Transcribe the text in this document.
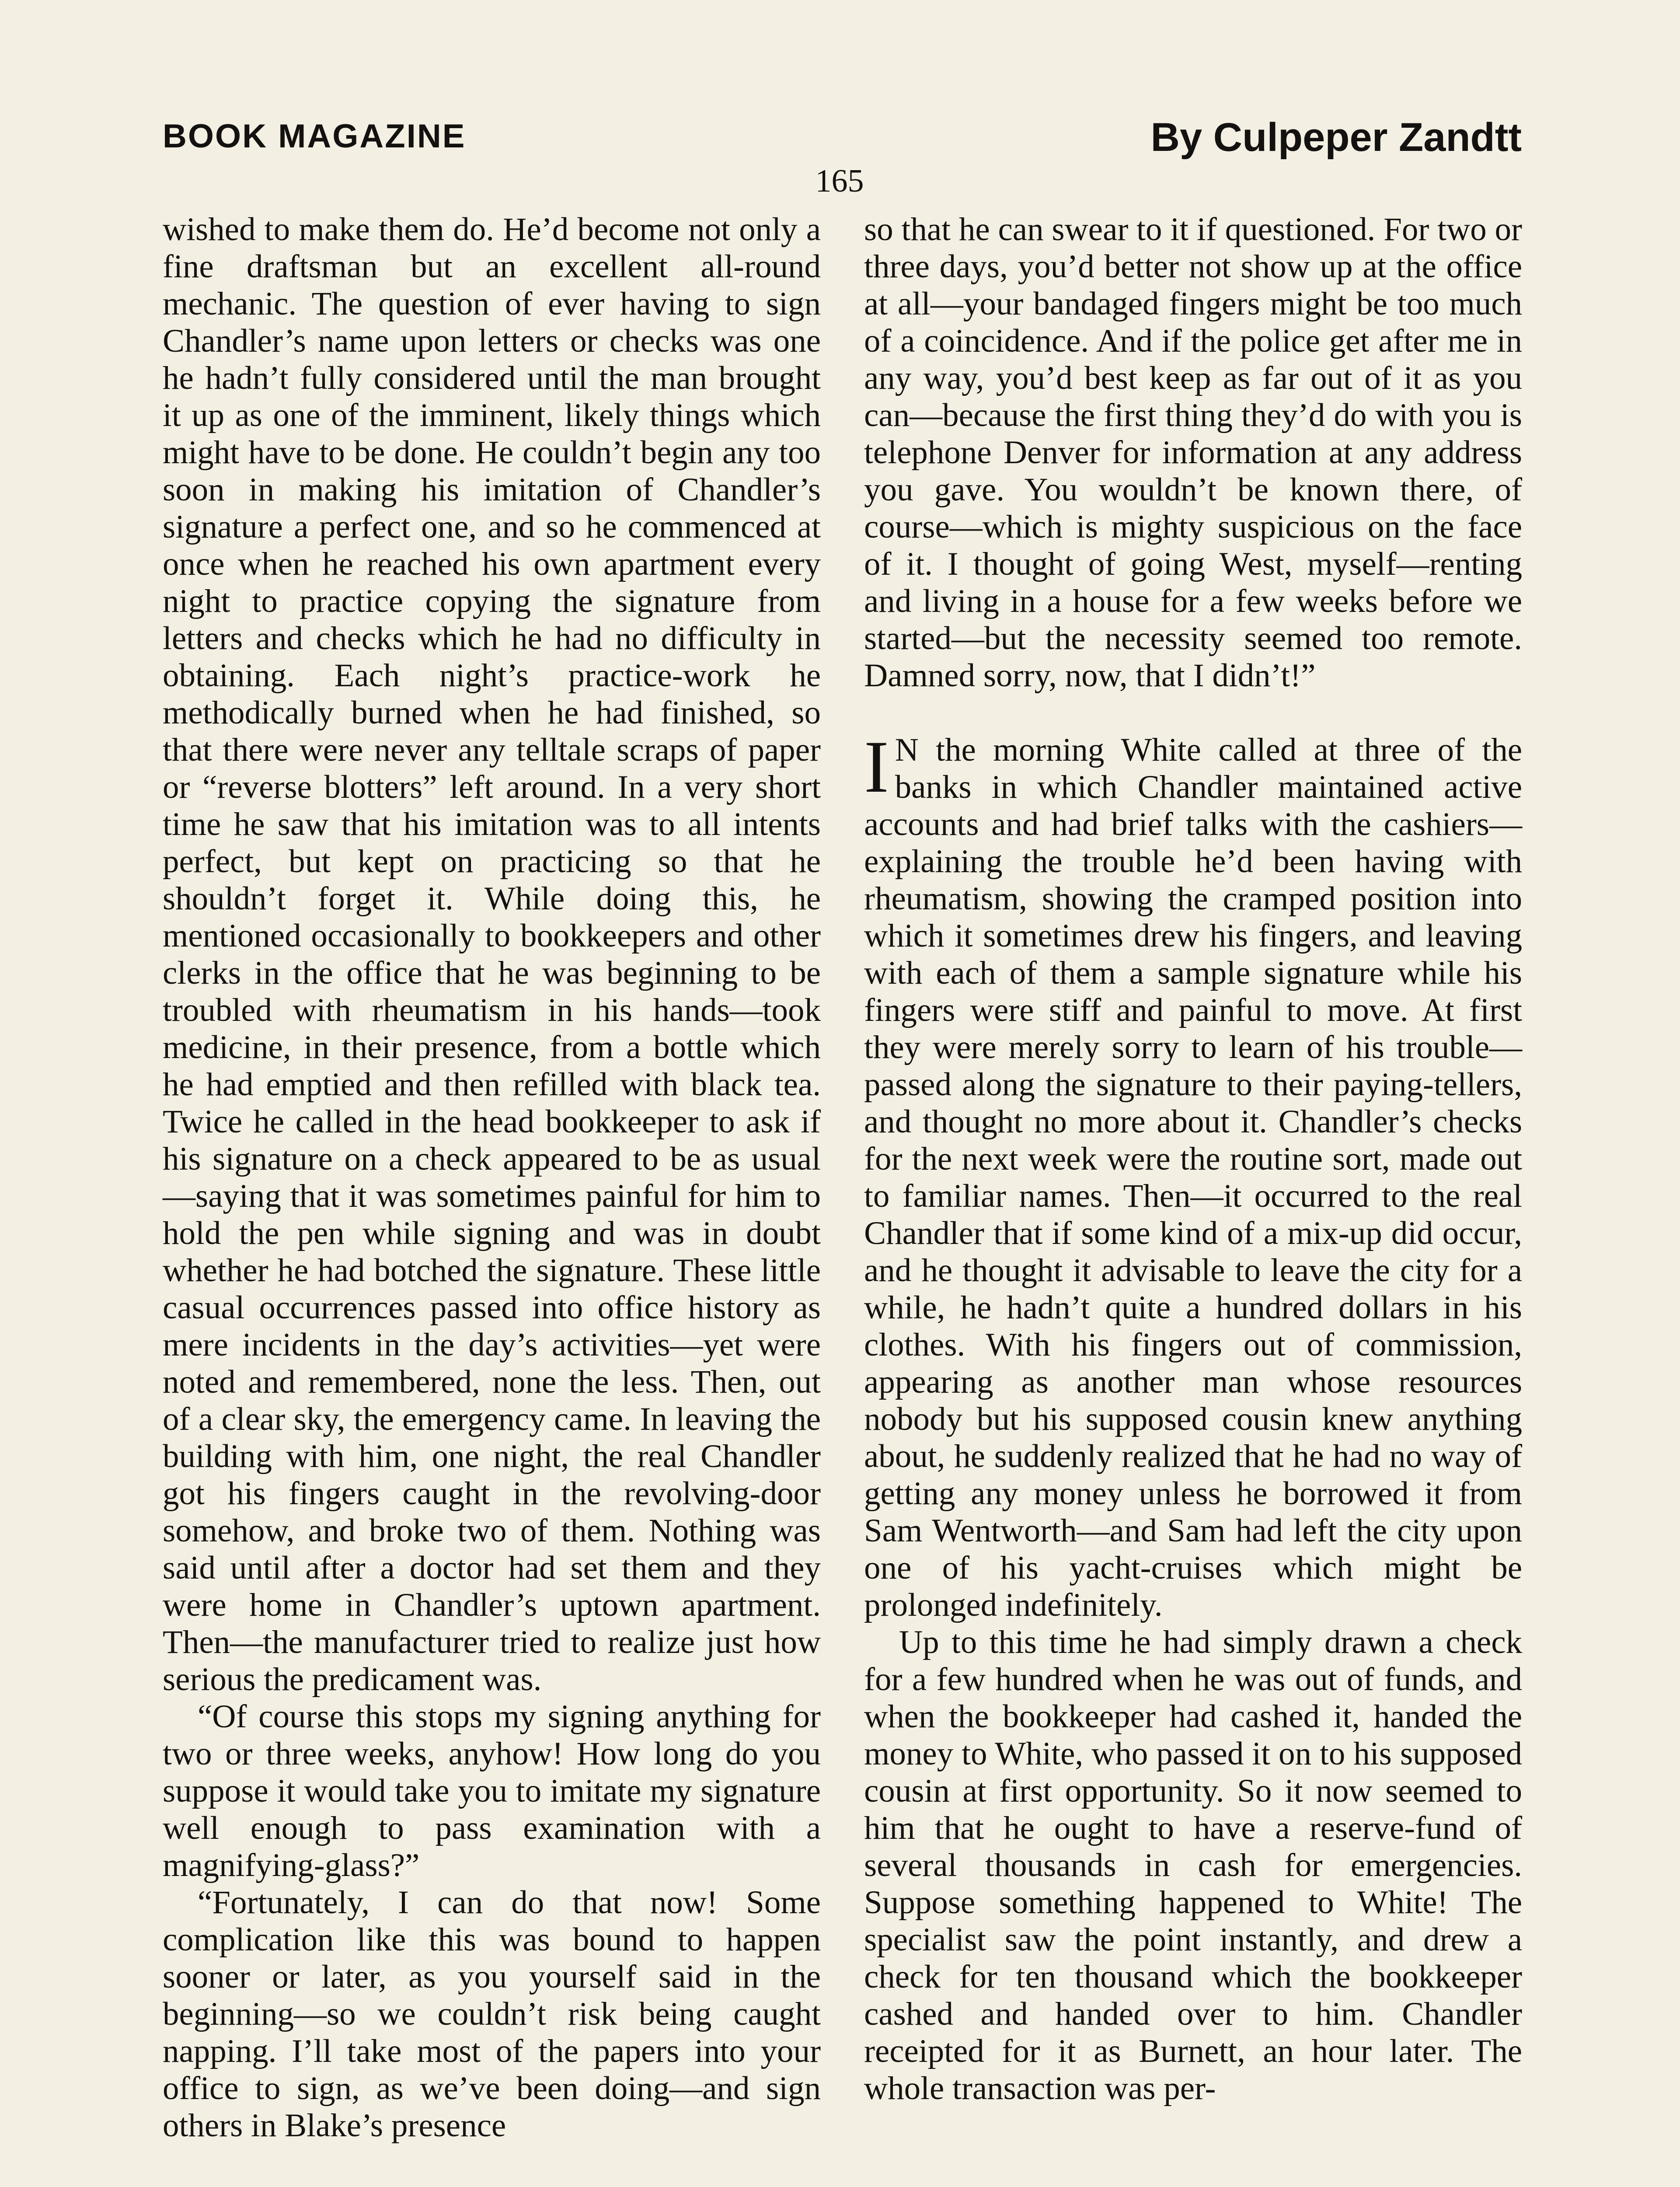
BOOK MAGAZINE	By Culpeper Zandtt
165

wished to make them do. He’d become not only a fine draftsman but an excellent all-round mechanic. The question of ever having to sign Chandler’s name upon letters or checks was one he hadn’t fully considered until the man brought it up as one of the imminent, likely things which might have to be done. He couldn’t begin any too soon in making his imitation of Chandler’s signature a perfect one, and so he commenced at once when he reached his own apartment every night to practice copying the signature from letters and checks which he had no difficulty in obtaining. Each night’s practice-work he methodically burned when he had finished, so that there were never any telltale scraps of paper or “reverse blotters” left around. In a very short time he saw that his imitation was to all intents perfect, but kept on practicing so that he shouldn’t forget it. While doing this, he mentioned occasionally to bookkeepers and other clerks in the office that he was beginning to be troubled with rheumatism in his hands—took medicine, in their presence, from a bottle which he had emptied and then refilled with black tea. Twice he called in the head bookkeeper to ask if his signature on a check appeared to be as usual—saying that it was sometimes painful for him to hold the pen while signing and was in doubt whether he had botched the signature. These little casual occurrences passed into office history as mere incidents in the day’s activities—yet were noted and remembered, none the less. Then, out of a clear sky, the emergency came. In leaving the building with him, one night, the real Chandler got his fingers caught in the revolving-door somehow, and broke two of them. Nothing was said until after a doctor had set them and they were home in Chandler’s uptown apartment. Then—the manufacturer tried to realize just how serious the predicament was.

“Of course this stops my signing anything for two or three weeks, anyhow! How long do you suppose it would take you to imitate my signature well enough to pass examination with a magnifying-glass?”

“Fortunately, I can do that now! Some complication like this was bound to happen sooner or later, as you yourself said in the beginning—so we couldn’t risk being caught napping. I’ll take most of the papers into your office to sign, as we’ve been doing—and sign others in Blake’s presence

so that he can swear to it if questioned. For two or three days, you’d better not show up at the office at all—your bandaged fingers might be too much of a coincidence. And if the police get after me in any way, you’d best keep as far out of it as you can—because the first thing they’d do with you is telephone Denver for information at any address you gave. You wouldn’t be known there, of course—which is mighty suspicious on the face of it. I thought of going West, myself—renting and living in a house for a few weeks before we started—but the necessity seemed too remote. Damned sorry, now, that I didn’t!”

I N the morning White called at three of the banks in which Chandler maintained active accounts and had brief talks with the cashiers—explaining the trouble he’d been having with rheumatism, showing the cramped position into which it sometimes drew his fingers, and leaving with each of them a sample signature while his fingers were stiff and painful to move. At first they were merely sorry to learn of his trouble—passed along the signature to their paying-tellers, and thought no more about it. Chandler’s checks for the next week were the routine sort, made out to familiar names. Then—it occurred to the real Chandler that if some kind of a mix-up did occur, and he thought it advisable to leave the city for a while, he hadn’t quite a hundred dollars in his clothes. With his fingers out of commission, appearing as another man whose resources nobody but his supposed cousin knew anything about, he suddenly realized that he had no way of getting any money unless he borrowed it from Sam Wentworth—and Sam had left the city upon one of his yacht-cruises which might be prolonged indefinitely.

Up to this time he had simply drawn a check for a few hundred when he was out of funds, and when the bookkeeper had cashed it, handed the money to White, who passed it on to his supposed cousin at first opportunity. So it now seemed to him that he ought to have a reserve-fund of several thousands in cash for emergencies. Suppose something happened to White! The specialist saw the point instantly, and drew a check for ten thousand which the bookkeeper cashed and handed over to him. Chandler receipted for it as Burnett, an hour later. The whole transaction was per-
